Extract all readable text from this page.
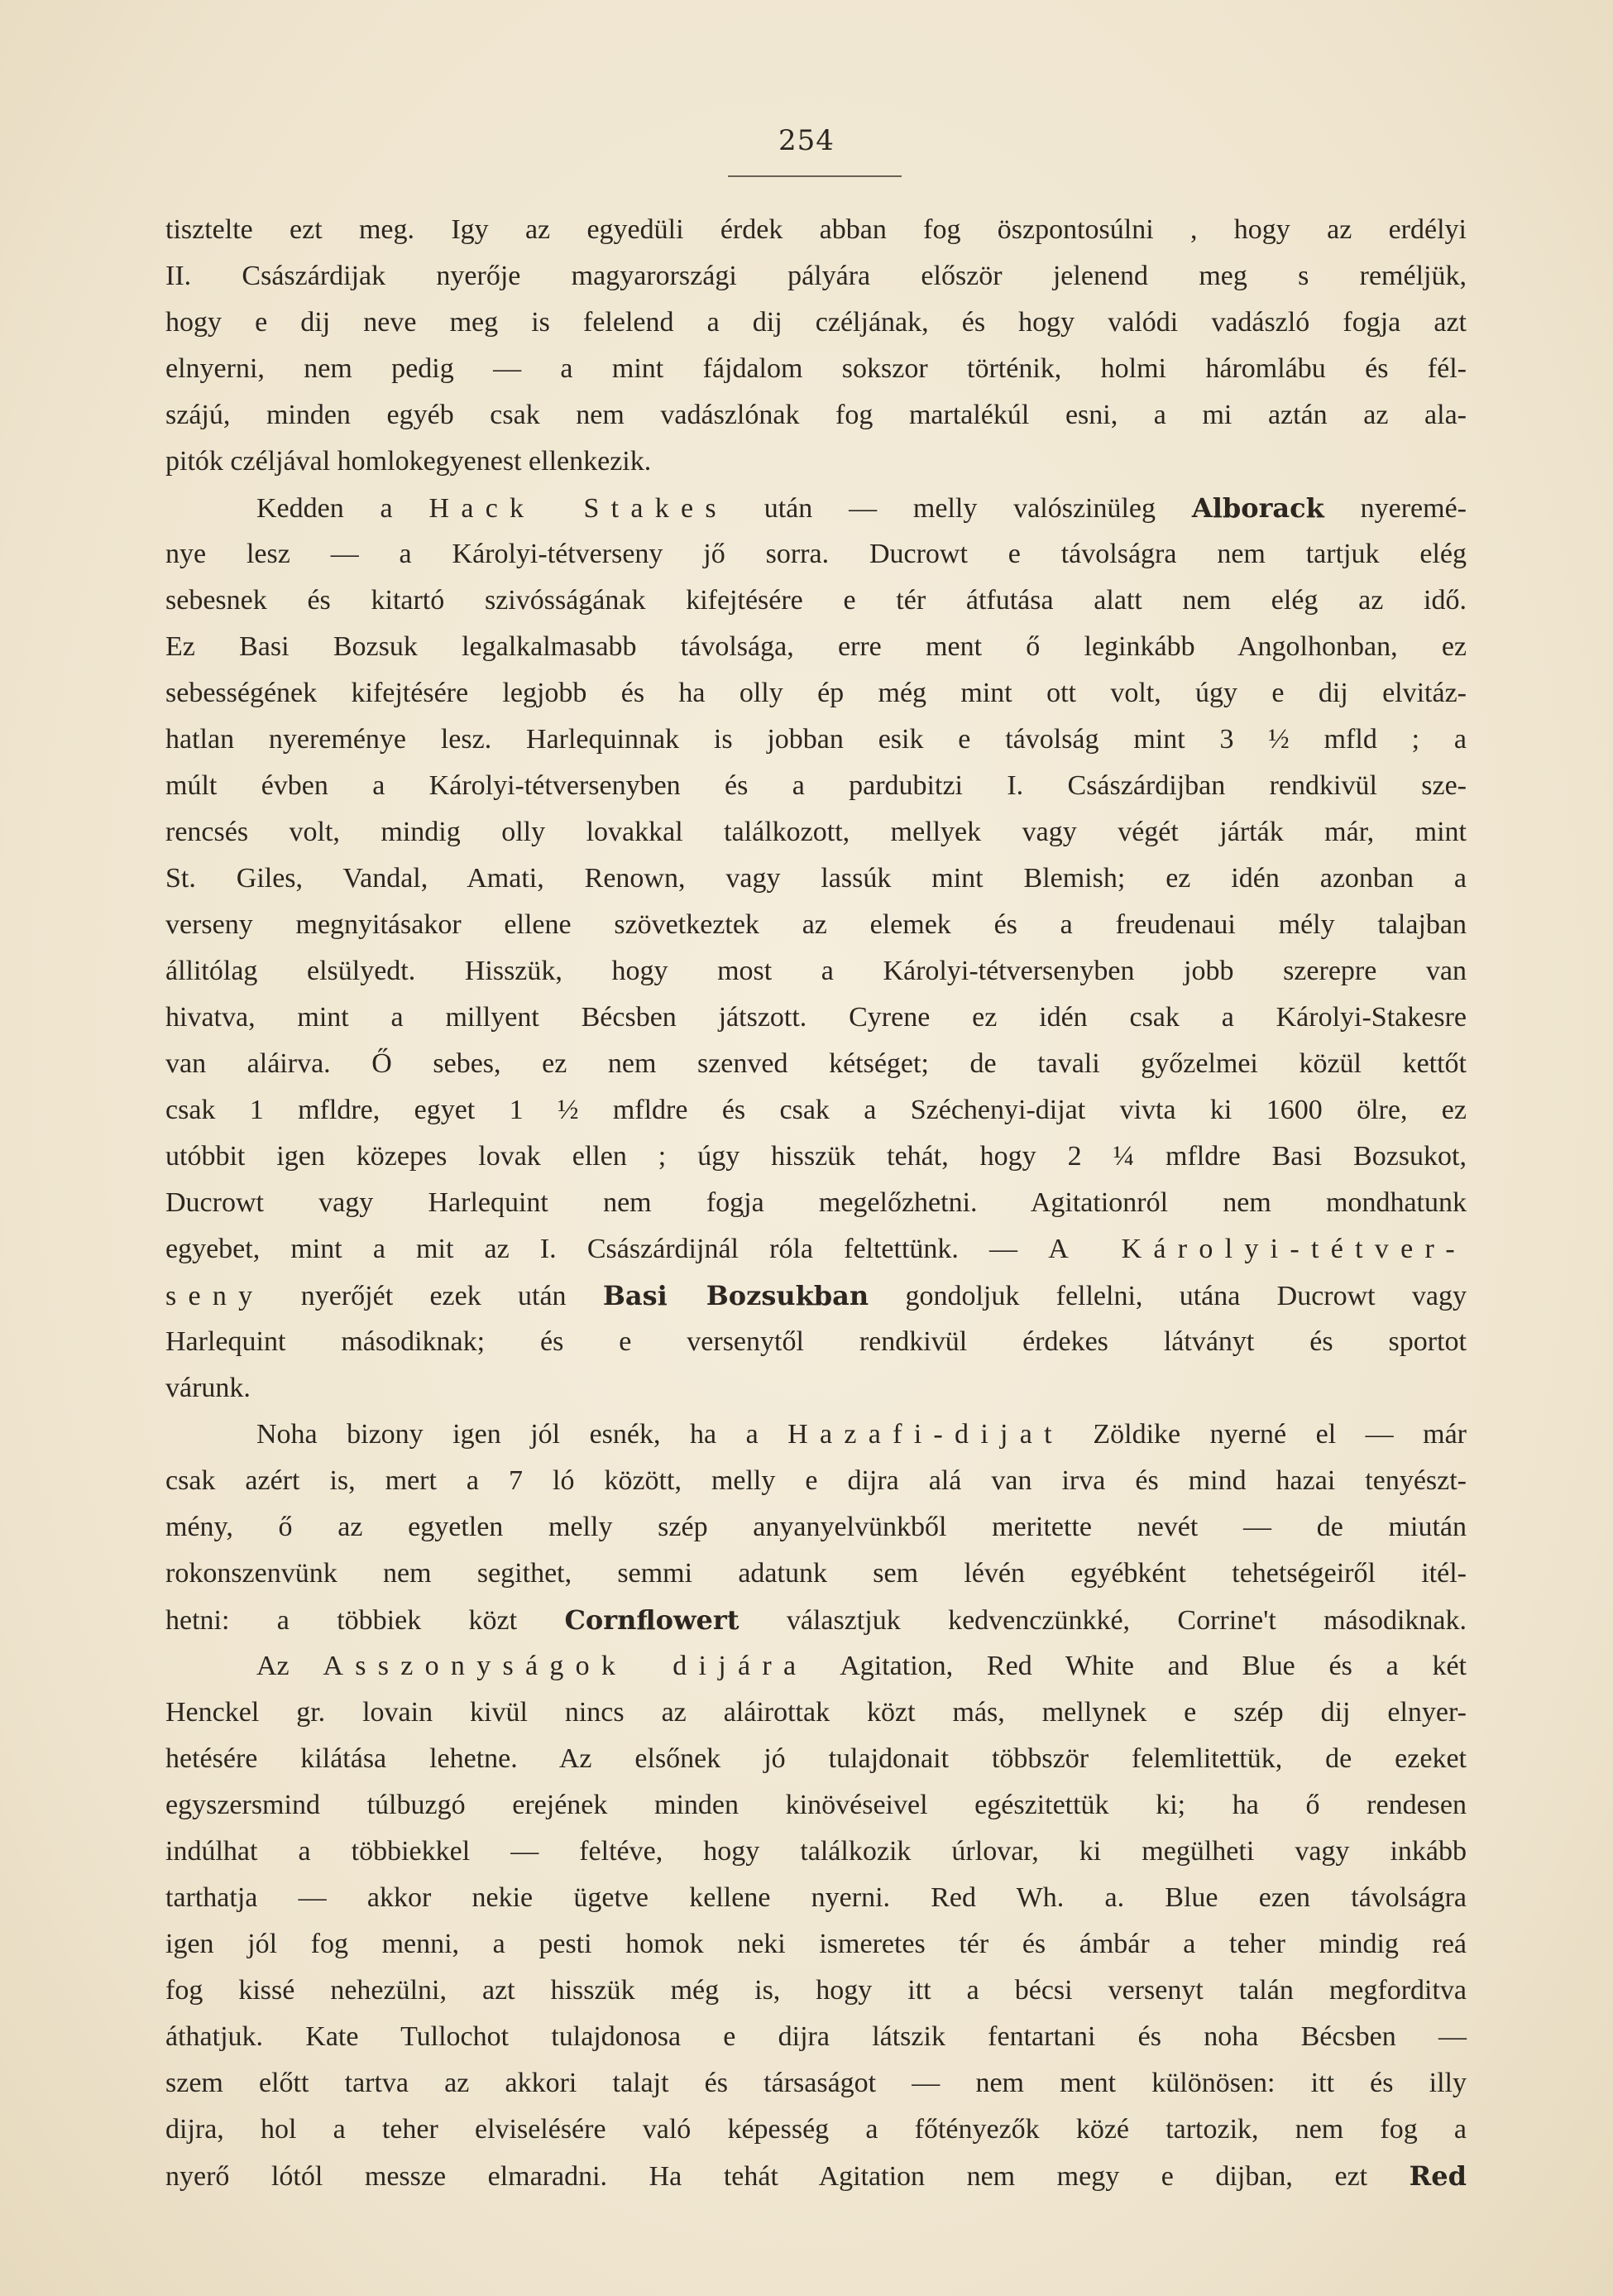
254
tisztelte ezt meg. Igy az egyedüli érdek abban fog öszpontosúlni , hogy az erdélyi
II. Császárdijak nyerője magyarországi pályára először jelenend meg s reméljük,
hogy e dij neve meg is felelend a dij czéljának, és hogy valódi vadászló fogja azt
elnyerni, nem pedig — a mint fájdalom sokszor történik, holmi háromlábu és fél-
szájú, minden egyéb csak nem vadászlónak fog martalékúl esni, a mi aztán az ala-
pitók czéljával homlokegyenest ellenkezik.
Kedden a Hack Stakes után — melly valószinüleg Alborack nyeremé-
nye lesz — a Károlyi-tétverseny jő sorra. Ducrowt e távolságra nem tartjuk elég
sebesnek és kitartó szivósságának kifejtésére e tér átfutása alatt nem elég az idő.
Ez Basi Bozsuk legalkalmasabb távolsága, erre ment ő leginkább Angolhonban, ez
sebességének kifejtésére legjobb és ha olly ép még mint ott volt, úgy e dij elvitáz-
hatlan nyereménye lesz. Harlequinnak is jobban esik e távolság mint 3 ½ mfld ; a
múlt évben a Károlyi-tétversenyben és a pardubitzi I. Császárdijban rendkivül sze-
rencsés volt, mindig olly lovakkal találkozott, mellyek vagy végét járták már, mint
St. Giles, Vandal, Amati, Renown, vagy lassúk mint Blemish; ez idén azonban a
verseny megnyitásakor ellene szövetkeztek az elemek és a freudenaui mély talajban
állitólag elsülyedt. Hisszük, hogy most a Károlyi-tétversenyben jobb szerepre van
hivatva, mint a millyent Bécsben játszott. Cyrene ez idén csak a Károlyi-Stakesre
van aláirva. Ő sebes, ez nem szenved kétséget; de tavali győzelmei közül kettőt
csak 1 mfldre, egyet 1 ½ mfldre és csak a Széchenyi-dijat vivta ki 1600 ölre, ez
utóbbit igen közepes lovak ellen ; úgy hisszük tehát, hogy 2 ¼ mfldre Basi Bozsukot,
Ducrowt vagy Harlequint nem fogja megelőzhetni. Agitationról nem mondhatunk
egyebet, mint a mit az I. Császárdijnál róla feltettünk. — A Károlyi-tétver-
seny nyerőjét ezek után Basi Bozsukban gondoljuk fellelni, utána Ducrowt vagy
Harlequint másodiknak; és e versenytől rendkivül érdekes látványt és sportot
várunk.
Noha bizony igen jól esnék, ha a Hazafi-dijat Zöldike nyerné el — már
csak azért is, mert a 7 ló között, melly e dijra alá van irva és mind hazai tenyészt-
mény, ő az egyetlen melly szép anyanyelvünkből meritette nevét — de miután
rokonszenvünk nem segithet, semmi adatunk sem lévén egyébként tehetségeiről itél-
hetni: a többiek közt Cornflowert választjuk kedvenczünkké, Corrine't másodiknak.
Az Asszonyságok dijára Agitation, Red White and Blue és a két
Henckel gr. lovain kivül nincs az aláirottak közt más, mellynek e szép dij elnyer-
hetésére kilátása lehetne. Az elsőnek jó tulajdonait többször felemlitettük, de ezeket
egyszersmind túlbuzgó erejének minden kinövéseivel egészitettük ki; ha ő rendesen
indúlhat a többiekkel — feltéve, hogy találkozik úrlovar, ki megülheti vagy inkább
tarthatja — akkor nekie ügetve kellene nyerni. Red Wh. a. Blue ezen távolságra
igen jól fog menni, a pesti homok neki ismeretes tér és ámbár a teher mindig reá
fog kissé nehezülni, azt hisszük még is, hogy itt a bécsi versenyt talán megforditva
áthatjuk. Kate Tullochot tulajdonosa e dijra látszik fentartani és noha Bécsben —
szem előtt tartva az akkori talajt és társaságot — nem ment különösen: itt és illy
dijra, hol a teher elviselésére való képesség a főtényezők közé tartozik, nem fog a
nyerő lótól messze elmaradni. Ha tehát Agitation nem megy e dijban, ezt Red
